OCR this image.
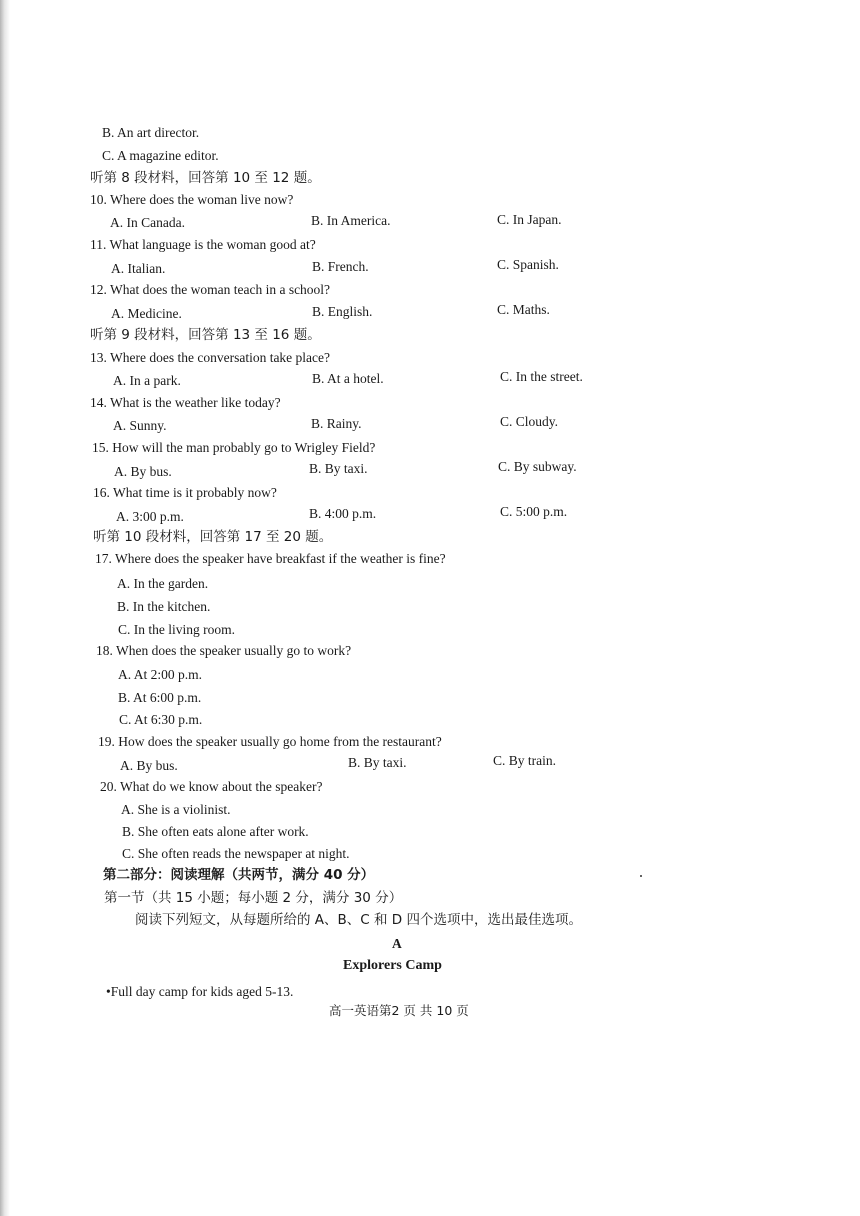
B. An art director.
C. A magazine editor.
听第 8 段材料，回答第 10 至 12 题。
10. Where does the woman live now?
A. In Canada.	B. In America.	C. In Japan.
11. What language is the woman good at?
A. Italian.	B. French.	C. Spanish.
12. What does the woman teach in a school?
A. Medicine.	B. English.	C. Maths.
听第 9 段材料，回答第 13 至 16 题。
13. Where does the conversation take place?
A. In a park.	B. At a hotel.	C. In the street.
14. What is the weather like today?
A. Sunny.	B. Rainy.	C. Cloudy.
15. How will the man probably go to Wrigley Field?
A. By bus.	B. By taxi.	C. By subway.
16. What time is it probably now?
A. 3:00 p.m.	B. 4:00 p.m.	C. 5:00 p.m.
听第 10 段材料，回答第 17 至 20 题。
17. Where does the speaker have breakfast if the weather is fine?
A. In the garden.
B. In the kitchen.
C. In the living room.
18. When does the speaker usually go to work?
A. At 2:00 p.m.
B. At 6:00 p.m.
C. At 6:30 p.m.
19. How does the speaker usually go home from the restaurant?
A. By bus.	B. By taxi.	C. By train.
20. What do we know about the speaker?
A. She is a violinist.
B. She often eats alone after work.
C. She often reads the newspaper at night.
第二部分：阅读理解（共两节，满分 40 分）
第一节（共 15 小题；每小题 2 分，满分 30 分）
阅读下列短文，从每题所给的 A、B、C 和 D 四个选项中，选出最佳选项。
A
Explorers Camp
•Full day camp for kids aged 5-13.
高一英语第2 页 共 10 页
